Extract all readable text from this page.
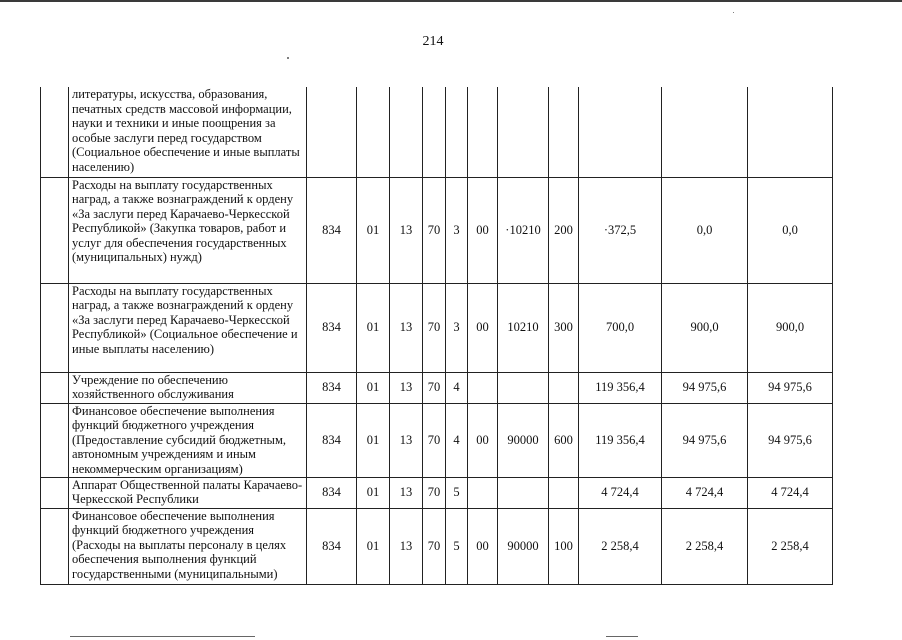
214
	литературы, искусства, образования, печатных средств массовой информации, науки и техники и иные поощрения за особые заслуги перед государством (Социальное обеспечение и иные выплаты населению)											
	Расходы на выплату государственных наград, а также вознаграждений к ордену «За заслуги перед Карачаево-Черкесской Республикой» (Закупка товаров, работ и услуг для обеспечения государственных (муниципальных) нужд)	834	01	13	70	3	00	·10210	200	·372,5	0,0	0,0
	Расходы на выплату государственных наград, а также вознаграждений к ордену «За заслуги перед Карачаево-Черкесской Республикой» (Социальное обеспечение и иные выплаты населению)	834	01	13	70	3	00	10210	300	700,0	900,0	900,0
	Учреждение по обеспечению хозяйственного обслуживания	834	01	13	70	4				119 356,4	94 975,6	94 975,6
	Финансовое обеспечение выполнения функций бюджетного учреждения (Предоставление субсидий бюджетным, автономным учреждениям и иным некоммерческим организациям)	834	01	13	70	4	00	90000	600	119 356,4	94 975,6	94 975,6
	Аппарат Общественной палаты Карачаево-Черкесской Республики	834	01	13	70	5				4 724,4	4 724,4	4 724,4
	Финансовое обеспечение выполнения функций бюджетного учреждения (Расходы на выплаты персоналу в целях обеспечения выполнения функций государственными (муниципальными)	834	01	13	70	5	00	90000	100	2 258,4	2 258,4	2 258,4
